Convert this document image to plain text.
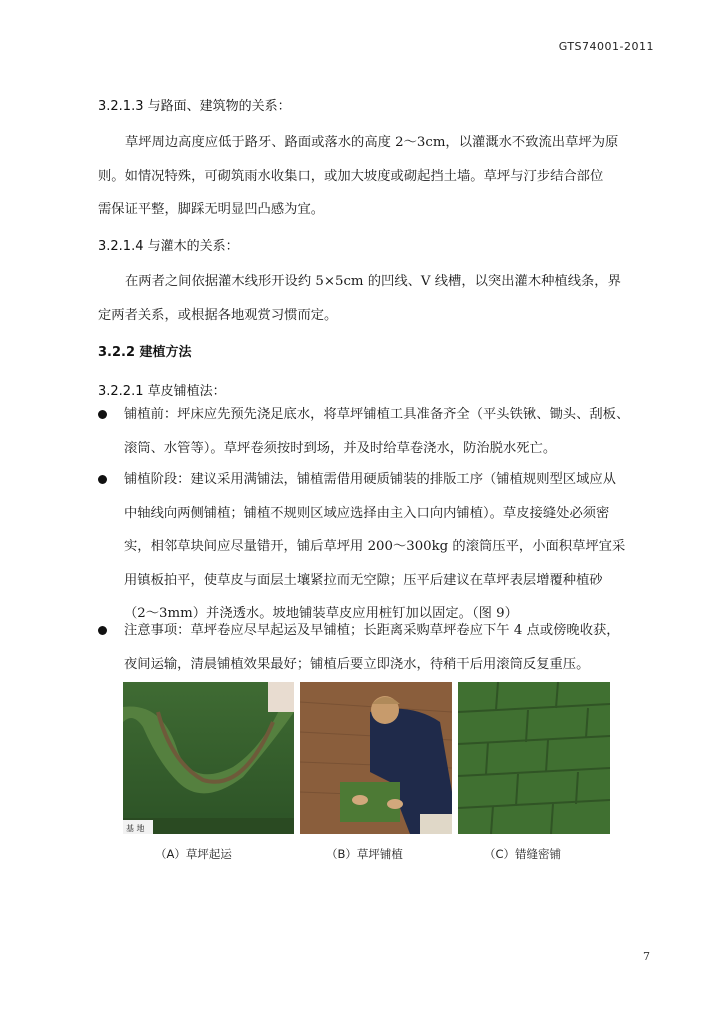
GTS74001-2011
3.2.1.3 与路面、建筑物的关系：
草坪周边高度应低于路牙、路面或落水的高度 2～3cm，以灌溉水不致流出草坪为原
则。如情况特殊，可砌筑雨水收集口，或加大坡度或砌起挡土墙。草坪与汀步结合部位
需保证平整，脚踩无明显凹凸感为宜。
3.2.1.4 与灌木的关系：
在两者之间依据灌木线形开设约 5×5cm 的凹线、V 线槽，以突出灌木种植线条，界
定两者关系，或根据各地观赏习惯而定。
3.2.2 建植方法
3.2.2.1 草皮铺植法：
铺植前：坪床应先预先浇足底水，将草坪铺植工具准备齐全（平头铁锹、锄头、刮板、
滚筒、水管等）。草坪卷须按时到场，并及时给草卷浇水，防治脱水死亡。
铺植阶段：建议采用满铺法，铺植需借用硬质铺装的排版工序（铺植规则型区域应从
中轴线向两侧铺植；铺植不规则区域应选择由主入口向内铺植）。草皮接缝处必须密
实，相邻草块间应尽量错开，铺后草坪用 200～300kg 的滚筒压平，小面积草坪宜采
用镇板拍平，使草皮与面层土壤紧拉而无空隙；压平后建议在草坪表层增覆种植砂
（2～3mm）并浇透水。坡地铺装草皮应用桩钉加以固定。（图 9）
注意事项：草坪卷应尽早起运及早铺植；长距离采购草坪卷应下午 4 点或傍晚收获，
夜间运输，清晨铺植效果最好；铺植后要立即浇水，待稍干后用滚筒反复重压。
基 地
（A）草坪起运	（B）草坪铺植	（C）错缝密铺
7
